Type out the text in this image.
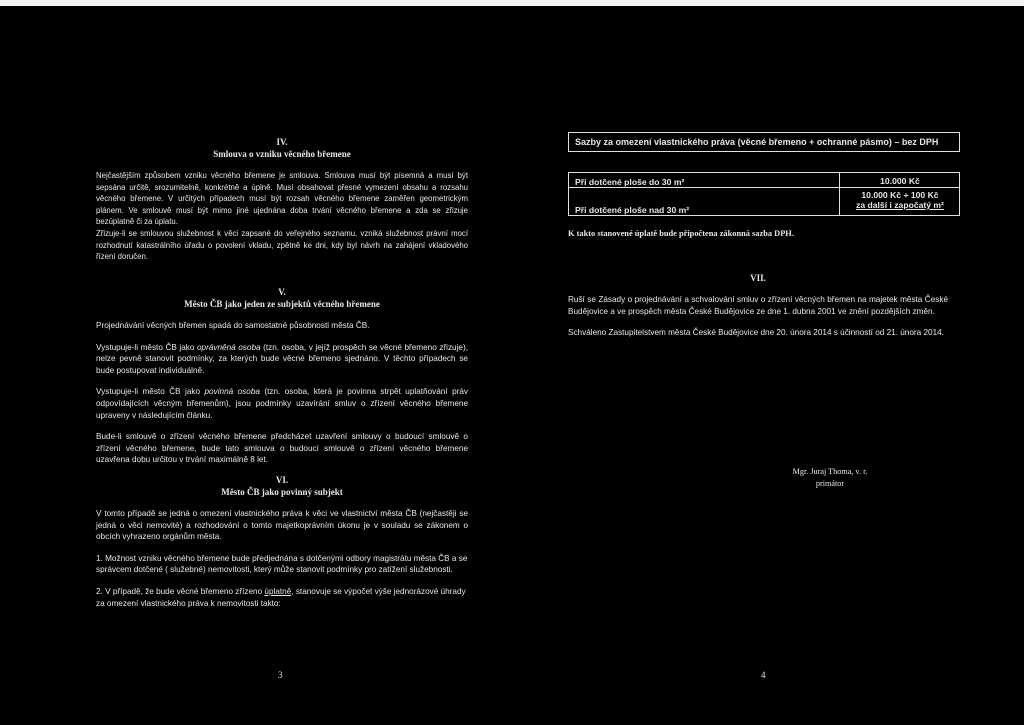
IV.

Smlouva o vzniku věcného břemene

Nejčastějším způsobem vzniku věcného břemene je smlouva. Smlouva musí být písemná a musí být sepsána určitě, srozumitelně, konkrétně a úplně. Musí obsahovat přesné vymezení obsahu a rozsahu věcného břemene. V určitých případech musí být rozsah věcného břemene zaměřen geometrickým plánem. Ve smlouvě musí být mimo jiné ujednána doba trvání věcného břemene a zda se zřizuje bezúplatně či za úplatu.

Zřizuje-li se smlouvou služebnost k věci zapsané do veřejného seznamu, vzniká služebnost právní mocí rozhodnutí katastrálního úřadu o povolení vkladu, zpětně ke dni, kdy byl návrh na zahájení vkladového řízení doručen.

V.

Město ČB jako jeden ze subjektů věcného břemene

Projednávání věcných břemen spadá do samostatné působnosti města ČB.

Vystupuje-li město ČB jako oprávněná osoba (tzn. osoba, v jejíž prospěch se věcné břemeno zřizuje), nelze pevně stanovit podmínky, za kterých bude věcné břemeno sjednáno. V těchto případech se bude postupovat individuálně.

Vystupuje-li město ČB jako povinná osoba (tzn. osoba, která je povinna strpět uplatňování práv odpovídajících věcným břemenům), jsou podmínky uzavírání smluv o zřízení věcného břemene upraveny v následujícím článku.

Bude-li smlouvě o zřízení věcného břemene předcházet uzavření smlouvy o budoucí smlouvě o zřízení věcného břemene, bude tato smlouva o budoucí smlouvě o zřízení věcného břemene uzavřena dobu určitou v trvání maximálně 8 let.

VI.

Město ČB jako povinný subjekt

V tomto případě se jedná o omezení vlastnického práva k věci ve vlastnictví města ČB (nejčastěji se jedná o věci nemovité) a rozhodování o tomto majetkoprávním úkonu je v souladu se zákonem o obcích vyhrazeno orgánům města.

1. Možnost vzniku věcného břemene bude předjednána s dotčenými odbory magistrátu města ČB a se správcem dotčené ( služebné) nemovitosti, který může stanovit podmínky pro zatížení služebnosti.

2. V případě, že bude věcné břemeno zřízeno úplatně, stanovuje se výpočet výše jednorázové úhrady za omezení vlastnického práva k nemovitosti takto:

3
Sazby za omezení vlastnického práva (věcné břemeno + ochranné pásmo) – bez DPH
Při dotčené ploše do 30 m²	10.000 Kč
Při dotčené ploše nad 30 m²
10.000 Kč + 100 Kč
za další i započatý m²
K takto stanovené úplatě bude připočtena zákonná sazba DPH.

VII.

Ruší se Zásady o projednávání a schvalování smluv o zřízení věcných břemen na majetek města České Budějovice a ve prospěch města České Budějovice ze dne 1. dubna 2001 ve znění pozdějších změn.

Schváleno Zastupitelstvem města České Budějovice dne 20. února 2014 s účinností od 21. února 2014.

Mgr. Juraj Thoma, v. r.

primátor

4
